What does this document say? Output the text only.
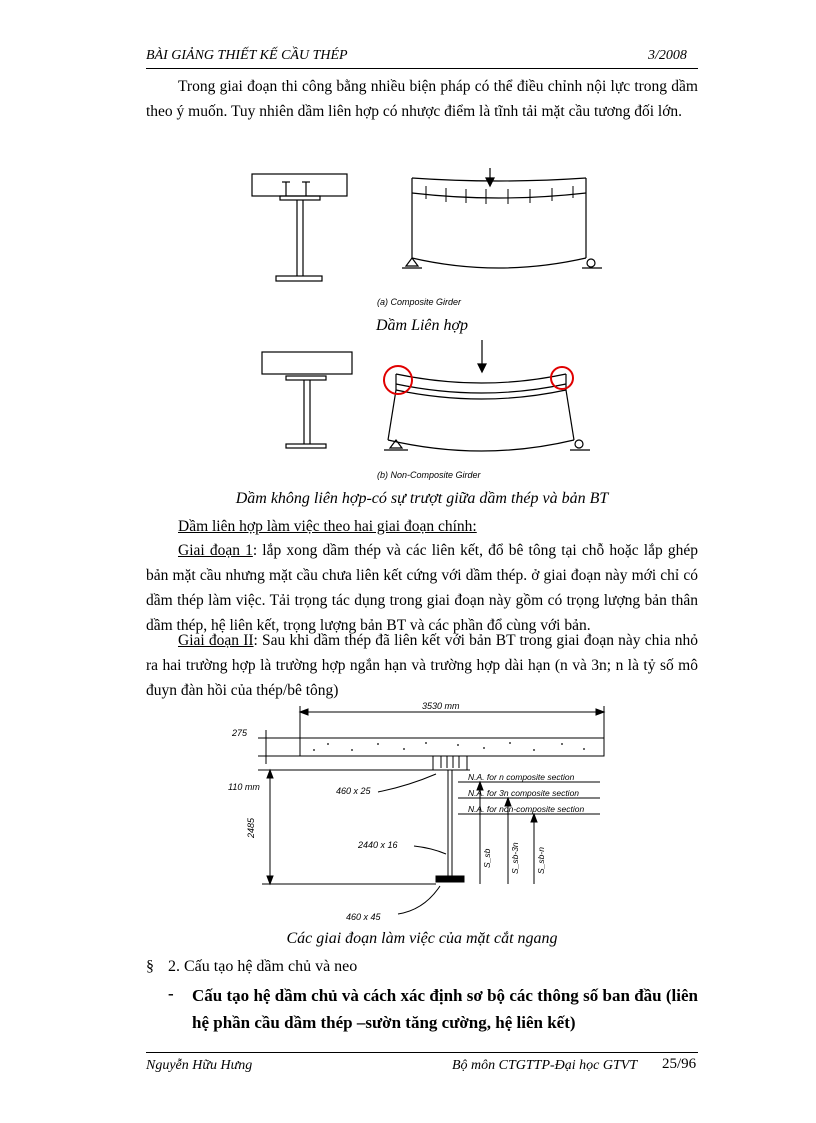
BÀI GIẢNG THIẾT KẾ CẦU THÉP	3/2008
Trong giai đoạn thi công bằng nhiều biện pháp có thể điều chỉnh nội lực trong dầm theo ý muốn. Tuy nhiên dầm liên hợp có nhược điểm là tĩnh tải mặt cầu tương đối lớn.
(a) Composite Girder
Dầm Liên hợp
(b) Non-Composite Girder
Dầm không liên hợp-có sự trượt giữa dầm thép và bản BT
Dầm liên hợp làm việc theo hai giai đoạn chính:
Giai đoạn 1: lắp xong dầm thép và các liên kết, đổ bê tông tại chỗ hoặc lắp ghép bản mặt cầu nhưng mặt cầu chưa liên kết cứng với dầm thép. ở giai đoạn này mới chỉ có dầm thép làm việc. Tải trọng tác dụng trong giai đoạn này gồm có trọng lượng bản thân dầm thép, hệ liên kết, trọng lượng bản BT và các phần đổ cùng với bản.
Giai đoạn II: Sau khi dầm thép đã liên kết với bản BT trong giai đoạn này chia nhỏ ra hai trường hợp là trường hợp ngắn hạn và trường hợp dài hạn (n và 3n; n là tỷ số mô đuyn đàn hồi của thép/bê tông)
3530 mm
275
110 mm
2485
460 x 25
2440 x 16
460 x 45
N.A. for n composite section
N.A. for 3n composite section
N.A. for non-composite section
S_sb S_sb-3n S_sb-n
Các giai đoạn làm việc của mặt cắt ngang
§ 2. Cấu tạo hệ dầm chủ và neo
- Cấu tạo hệ dầm chủ và cách xác định sơ bộ các thông số ban đầu (liên hệ phần cầu dầm thép –sườn tăng cường, hệ liên kết)
Nguyễn Hữu Hưng	Bộ môn CTGTTP-Đại học GTVT 25/96
